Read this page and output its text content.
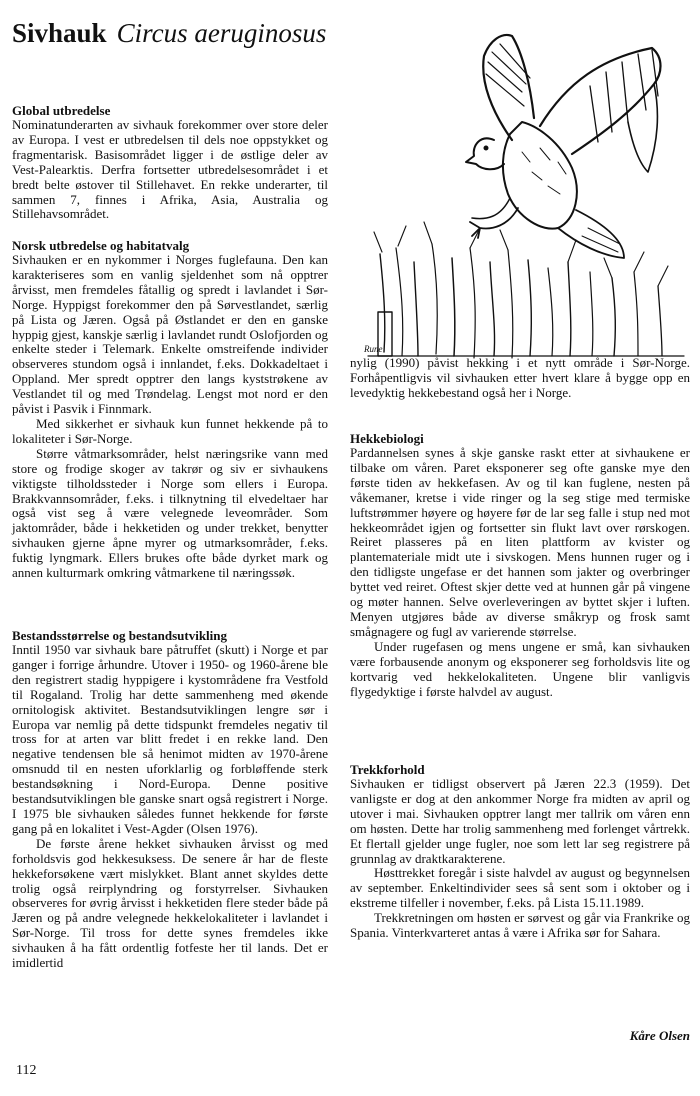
Sivhauk Circus aeruginosus
Global utbredelse

Nominatunderarten av sivhauk forekommer over store deler av Europa. I vest er utbredelsen til dels noe oppstykket og fragmentarisk. Basisområdet ligger i de østlige deler av Vest-Palearktis. Derfra fortsetter utbredelsesområdet i et bredt belte østover til Stillehavet. En rekke underarter, til sammen 7, finnes i Afrika, Asia, Australia og Stillehavsområdet.

Norsk utbredelse og habitatvalg

Sivhauken er en nykommer i Norges fuglefauna. Den kan karakteriseres som en vanlig sjeldenhet som nå opptrer årvisst, men fremdeles fåtallig og spredt i lavlandet i Sør-Norge. Hyppigst forekommer den på Sørvestlandet, særlig på Lista og Jæren. Også på Østlandet er den en ganske hyppig gjest, kanskje særlig i lavlandet rundt Oslofjorden og enkelte steder i Telemark. Enkelte omstreifende individer observeres stundom også i innlandet, f.eks. Dokkadeltaet i Oppland. Mer spredt opptrer den langs kyststrøkene av Vestlandet til og med Trøndelag. Lengst mot nord er den påvist i Pasvik i Finnmark.

Med sikkerhet er sivhauk kun funnet hekkende på to lokaliteter i Sør-Norge.

Større våtmarksområder, helst næringsrike vann med store og frodige skoger av takrør og siv er sivhaukens viktigste tilholdssteder i Norge som ellers i Europa. Brakkvannsområder, f.eks. i tilknytning til elvedeltaer har også vist seg å være velegnede leveområder. Som jaktområder, både i hekketiden og under trekket, benytter sivhauken gjerne åpne myrer og utmarksområder, f.eks. fuktig lyngmark. Ellers brukes ofte både dyrket mark og annen kulturmark omkring våtmarkene til næringssøk.

Bestandsstørrelse og bestandsutvikling

Inntil 1950 var sivhauk bare påtruffet (skutt) i Norge et par ganger i forrige århundre. Utover i 1950- og 1960-årene ble den registrert stadig hyppigere i kystområdene fra Vestfold til Rogaland. Trolig har dette sammenheng med økende ornitologisk aktivitet. Bestandsutviklingen lengre sør i Europa var nemlig på dette tidspunkt fremdeles negativ til tross for at arten var blitt fredet i en rekke land. Den negative tendensen ble så henimot midten av 1970-årene omsnudd til en nesten uforklarlig og forbløffende sterk bestandsøkning i Nord-Europa. Denne positive bestandsutviklingen ble ganske snart også registrert i Norge. I 1975 ble sivhauken således funnet hekkende for første gang på en lokalitet i Vest-Agder (Olsen 1976).

De første årene hekket sivhauken årvisst og med forholdsvis god hekkesuksess. De senere år har de fleste hekkeforsøkene vært mislykket. Blant annet skyldes dette trolig også reirplyndring og forstyrrelser. Sivhauken observeres for øvrig årvisst i hekketiden flere steder både på Jæren og på andre velegnede hekkelokaliteter i lavlandet i Sør-Norge. Til tross for dette synes fremdeles ikke sivhauken å ha fått ordentlig fotfeste her til lands. Det er imidlertid

Rune

nylig (1990) påvist hekking i et nytt område i Sør-Norge. Forhåpentligvis vil sivhauken etter hvert klare å bygge opp en levedyktig hekkebestand også her i Norge.

Hekkebiologi

Pardannelsen synes å skje ganske raskt etter at sivhaukene er tilbake om våren. Paret eksponerer seg ofte ganske mye den første tiden av hekkefasen. Av og til kan fuglene, nesten på våkemaner, kretse i vide ringer og la seg stige med termiske luftstrømmer høyere og høyere før de lar seg falle i stup ned mot hekkeområdet igjen og fortsetter sin flukt lavt over rørskogen. Reiret plasseres på en liten plattform av kvister og plantemateriale midt ute i sivskogen. Mens hunnen ruger og i den tidligste ungefase er det hannen som jakter og overbringer byttet ved reiret. Oftest skjer dette ved at hunnen går på vingene og møter hannen. Selve overleveringen av byttet skjer i luften. Menyen utgjøres både av diverse småkryp og frosk samt smågnagere og fugl av varierende størrelse.

Under rugefasen og mens ungene er små, kan sivhauken være forbausende anonym og eksponerer seg forholdsvis lite og kortvarig ved hekkelokaliteten. Ungene blir vanligvis flygedyktige i første halvdel av august.

Trekkforhold

Sivhauken er tidligst observert på Jæren 22.3 (1959). Det vanligste er dog at den ankommer Norge fra midten av april og utover i mai. Sivhauken opptrer langt mer tallrik om våren enn om høsten. Dette har trolig sammenheng med forlenget vårtrekk. Et flertall gjelder unge fugler, noe som lett lar seg registrere på grunnlag av draktkarakterene.

Høsttrekket foregår i siste halvdel av august og begynnelsen av september. Enkeltindivider sees så sent som i oktober og i ekstreme tilfeller i november, f.eks. på Lista 15.11.1989.

Trekkretningen om høsten er sørvest og går via Frankrike og Spania. Vinterkvarteret antas å være i Afrika sør for Sahara.

Kåre Olsen
112
